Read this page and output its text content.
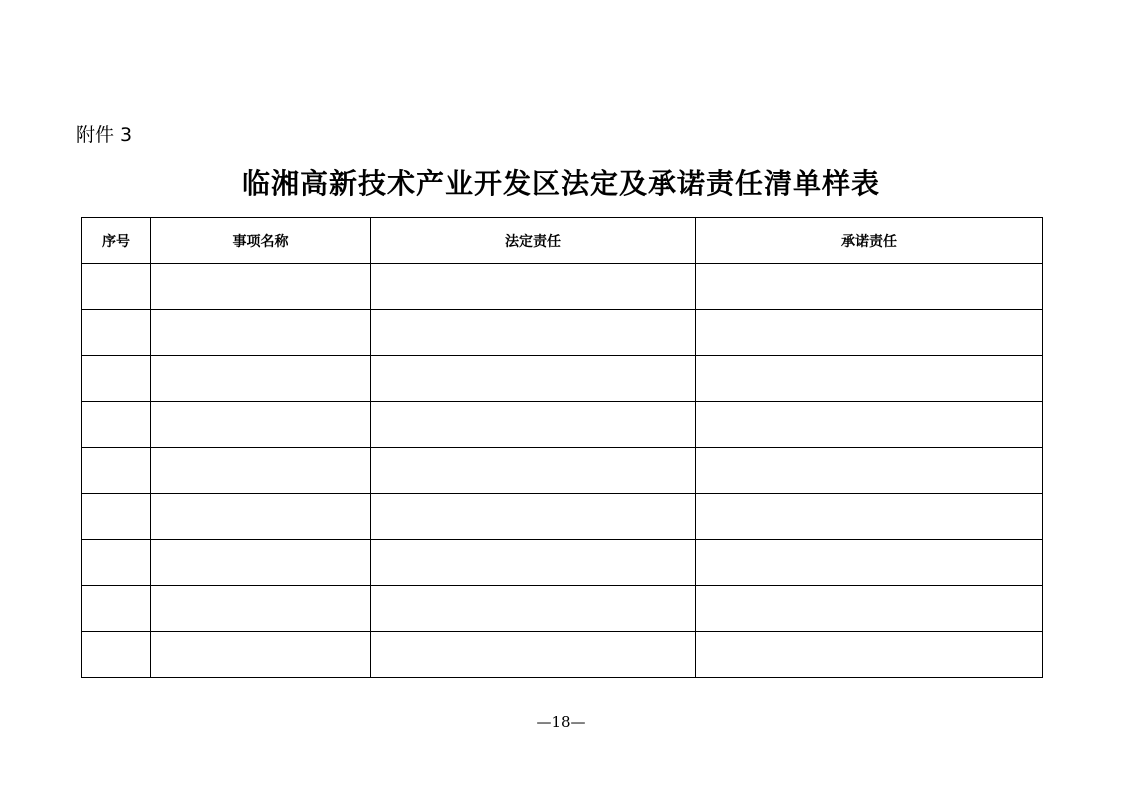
附件 3
临湘高新技术产业开发区法定及承诺责任清单样表
序号	事项名称	法定责任	承诺责任

—18—
